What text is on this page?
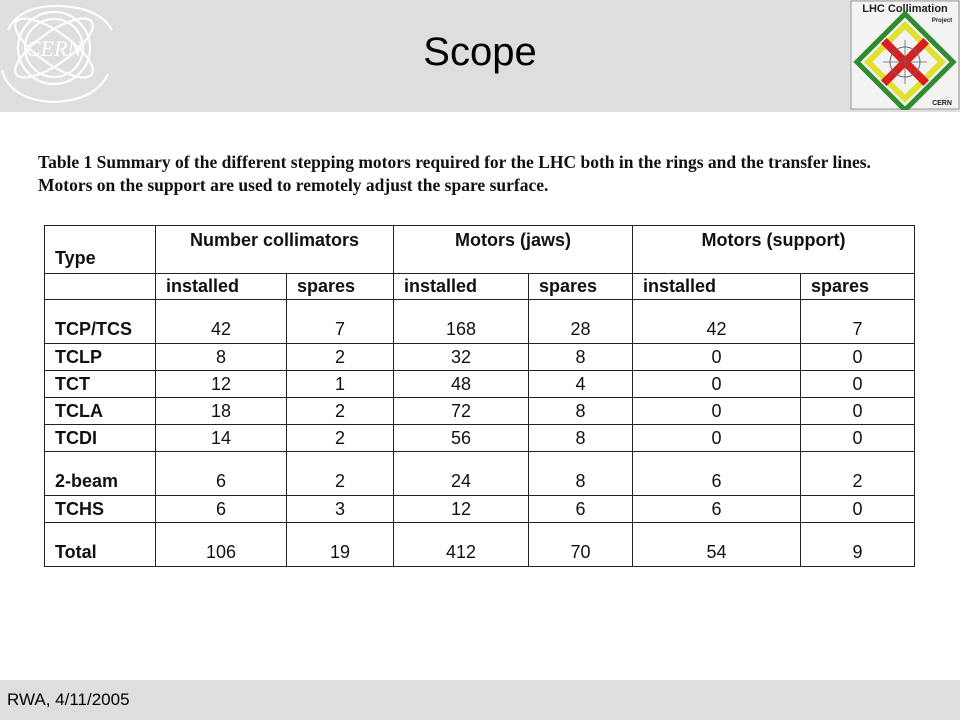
CERN	Scope
LHC Collimation
Project
CERN
Table 1 Summary of the different stepping motors required for the LHC both in the rings and the transfer lines. Motors on the support are used to remotely adjust the spare surface.
Type	Number collimators		Motors (jaws)		Motors (support)	
	installed	spares	installed	spares	installed	spares
TCP/TCS	42	7	168	28	42	7
TCLP	8	2	32	8	0	0
TCT	12	1	48	4	0	0
TCLA	18	2	72	8	0	0
TCDI	14	2	56	8	0	0
2-beam	6	2	24	8	6	2
TCHS	6	3	12	6	6	0
Total	106	19	412	70	54	9
RWA, 4/11/2005
